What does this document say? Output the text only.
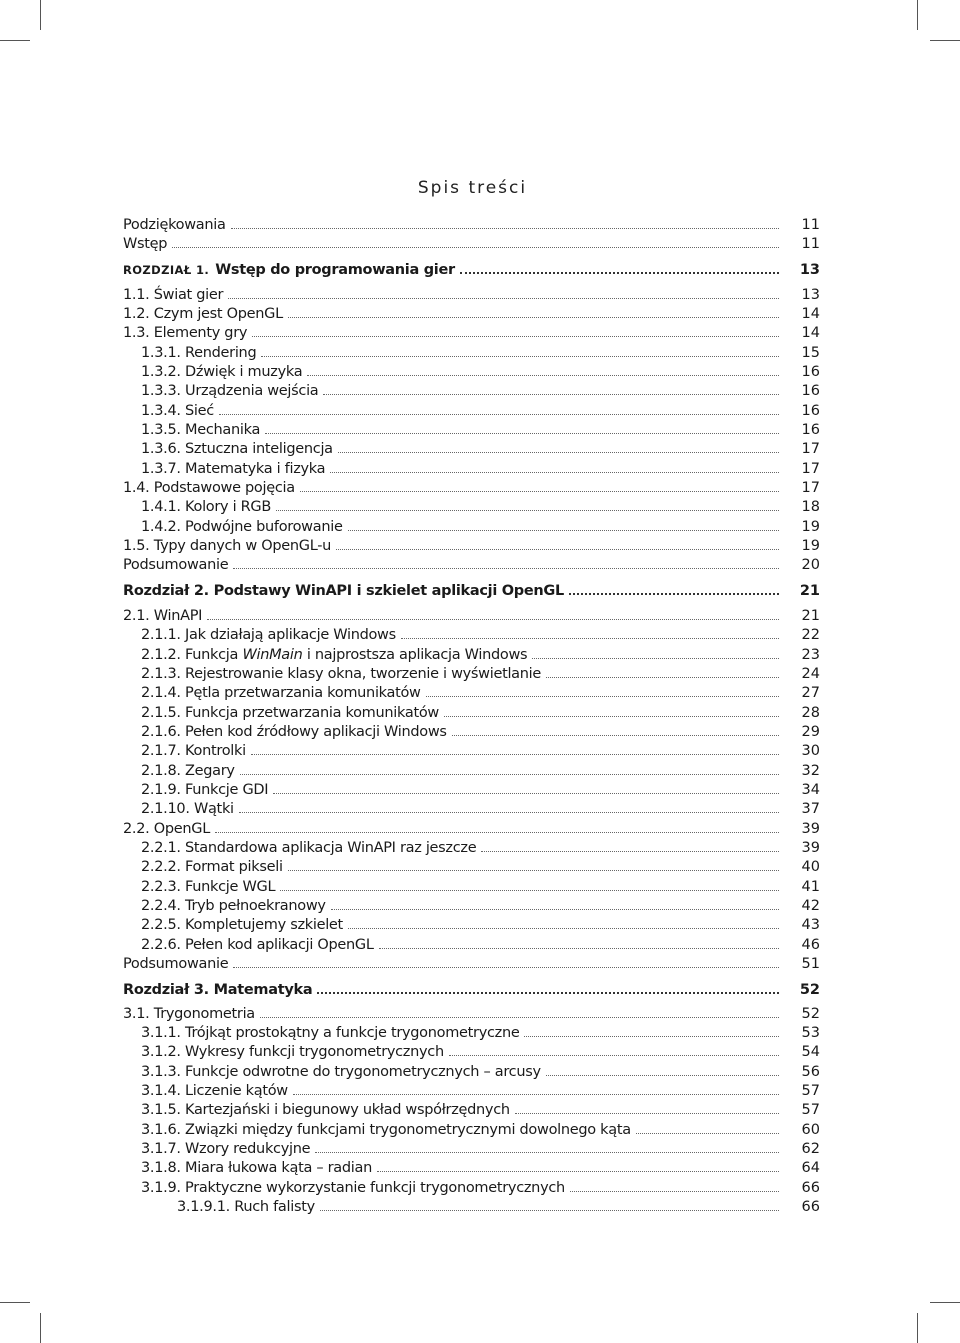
Spis treści
Podziękowania	11
Wstęp	11
ROZDZIAŁ 1. Wstęp do programowania gier	13
1.1. Świat gier	13
1.2. Czym jest OpenGL	14
1.3. Elementy gry	14
1.3.1. Rendering	15
1.3.2. Dźwięk i muzyka	16
1.3.3. Urządzenia wejścia	16
1.3.4. Sieć	16
1.3.5. Mechanika	16
1.3.6. Sztuczna inteligencja	17
1.3.7. Matematyka i fizyka	17
1.4. Podstawowe pojęcia	17
1.4.1. Kolory i RGB	18
1.4.2. Podwójne buforowanie	19
1.5. Typy danych w OpenGL-u	19
Podsumowanie	20
Rozdział 2. Podstawy WinAPI i szkielet aplikacji OpenGL	21
2.1. WinAPI	21
2.1.1. Jak działają aplikacje Windows	22
2.1.2. Funkcja WinMain i najprostsza aplikacja Windows	23
2.1.3. Rejestrowanie klasy okna, tworzenie i wyświetlanie	24
2.1.4. Pętla przetwarzania komunikatów	27
2.1.5. Funkcja przetwarzania komunikatów	28
2.1.6. Pełen kod źródłowy aplikacji Windows	29
2.1.7. Kontrolki	30
2.1.8. Zegary	32
2.1.9. Funkcje GDI	34
2.1.10. Wątki	37
2.2. OpenGL	39
2.2.1. Standardowa aplikacja WinAPI raz jeszcze	39
2.2.2. Format pikseli	40
2.2.3. Funkcje WGL	41
2.2.4. Tryb pełnoekranowy	42
2.2.5. Kompletujemy szkielet	43
2.2.6. Pełen kod aplikacji OpenGL	46
Podsumowanie	51
Rozdział 3. Matematyka	52
3.1. Trygonometria	52
3.1.1. Trójkąt prostokątny a funkcje trygonometryczne	53
3.1.2. Wykresy funkcji trygonometrycznych	54
3.1.3. Funkcje odwrotne do trygonometrycznych – arcusy	56
3.1.4. Liczenie kątów	57
3.1.5. Kartezjański i biegunowy układ współrzędnych	57
3.1.6. Związki między funkcjami trygonometrycznymi dowolnego kąta	60
3.1.7. Wzory redukcyjne	62
3.1.8. Miara łukowa kąta – radian	64
3.1.9. Praktyczne wykorzystanie funkcji trygonometrycznych	66
3.1.9.1. Ruch falisty	66
